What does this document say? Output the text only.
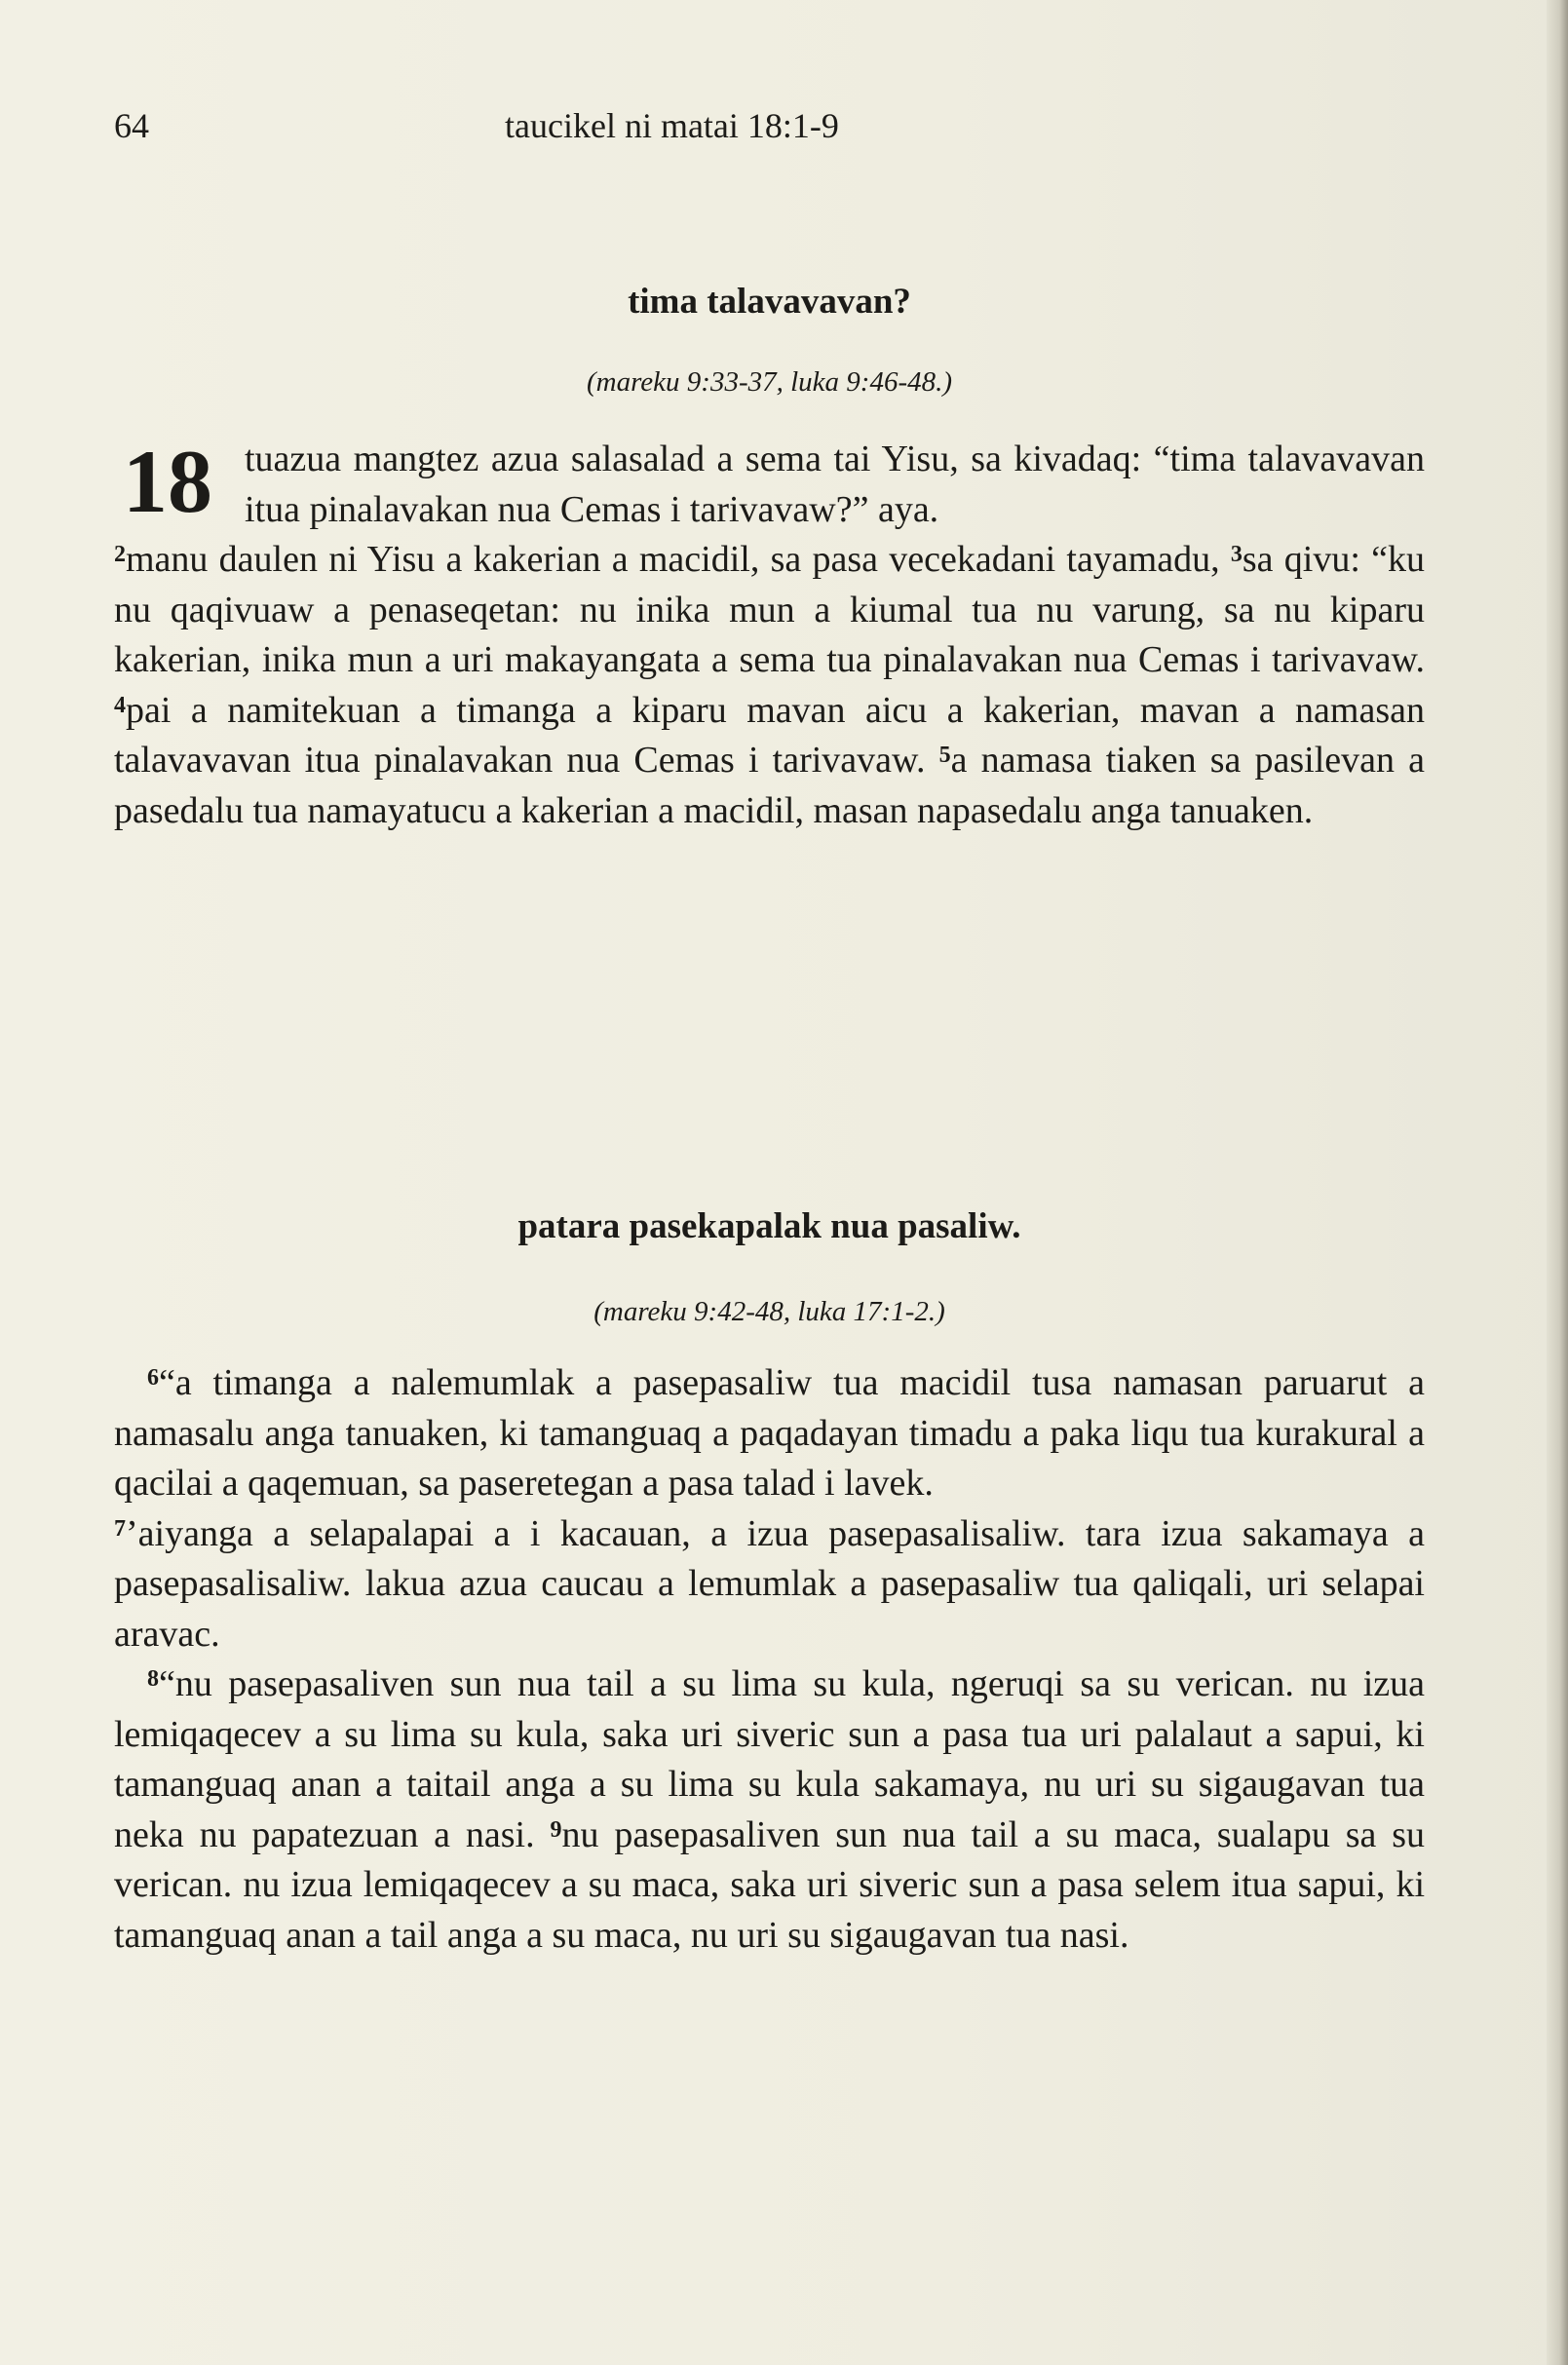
64	taucikel ni matai 18:1-9
tima talavavavan?
(mareku 9:33-37, luka 9:46-48.)
18 tuazua mangtez azua salasalad a sema tai Yisu, sa kivadaq: “tima talavavavan itua pinalavakan nua Cemas i tarivavaw?” aya.
$^2$manu daulen ni Yisu a kakerian a macidil, sa pasa vecekadani tayamadu, $^3$sa qivu: “ku nu qaqivuaw a penaseqetan: nu inika mun a kiumal tua nu varung, sa nu kiparu kakerian, inika mun a uri makayangata a sema tua pinalavakan nua Cemas i tarivavaw. $^4$pai a namitekuan a timanga a kiparu mavan aicu a kakerian, mavan a namasan talavavavan itua pinalavakan nua Cemas i tarivavaw. $^5$a namasa tiaken sa pasilevan a pasedalu tua namayatucu a kakerian a macidil, masan napasedalu anga tanuaken.
patara pasekapalak nua pasaliw.
(mareku 9:42-48, luka 17:1-2.)
$^6$“a timanga a nalemumlak a pasepasaliw tua macidil tusa namasan paruarut a namasalu anga tanuaken, ki tamanguaq a paqadayan timadu a paka liqu tua kurakural a qacilai a qaqemuan, sa paseretegan a pasa talad i lavek.
$^7$’aiyanga a selapalapai a i kacauan, a izua pasepasalisaliw. tara izua sakamaya a pasepasalisaliw. lakua azua caucau a lemumlak a pasepasaliw tua qaliqali, uri selapai aravac.
$^8$“nu pasepasaliven sun nua tail a su lima su kula, ngeruqi sa su verican. nu izua lemiqaqecev a su lima su kula, saka uri siveric sun a pasa tua uri palalaut a sapui, ki tamanguaq anan a taitail anga a su lima su kula sakamaya, nu uri su sigaugavan tua neka nu papatezuan a nasi. $^9$nu pasepasaliven sun nua tail a su maca, sualapu sa su verican. nu izua lemiqaqecev a su maca, saka uri siveric sun a pasa selem itua sapui, ki tamanguaq anan a tail anga a su maca, nu uri su sigaugavan tua nasi.
